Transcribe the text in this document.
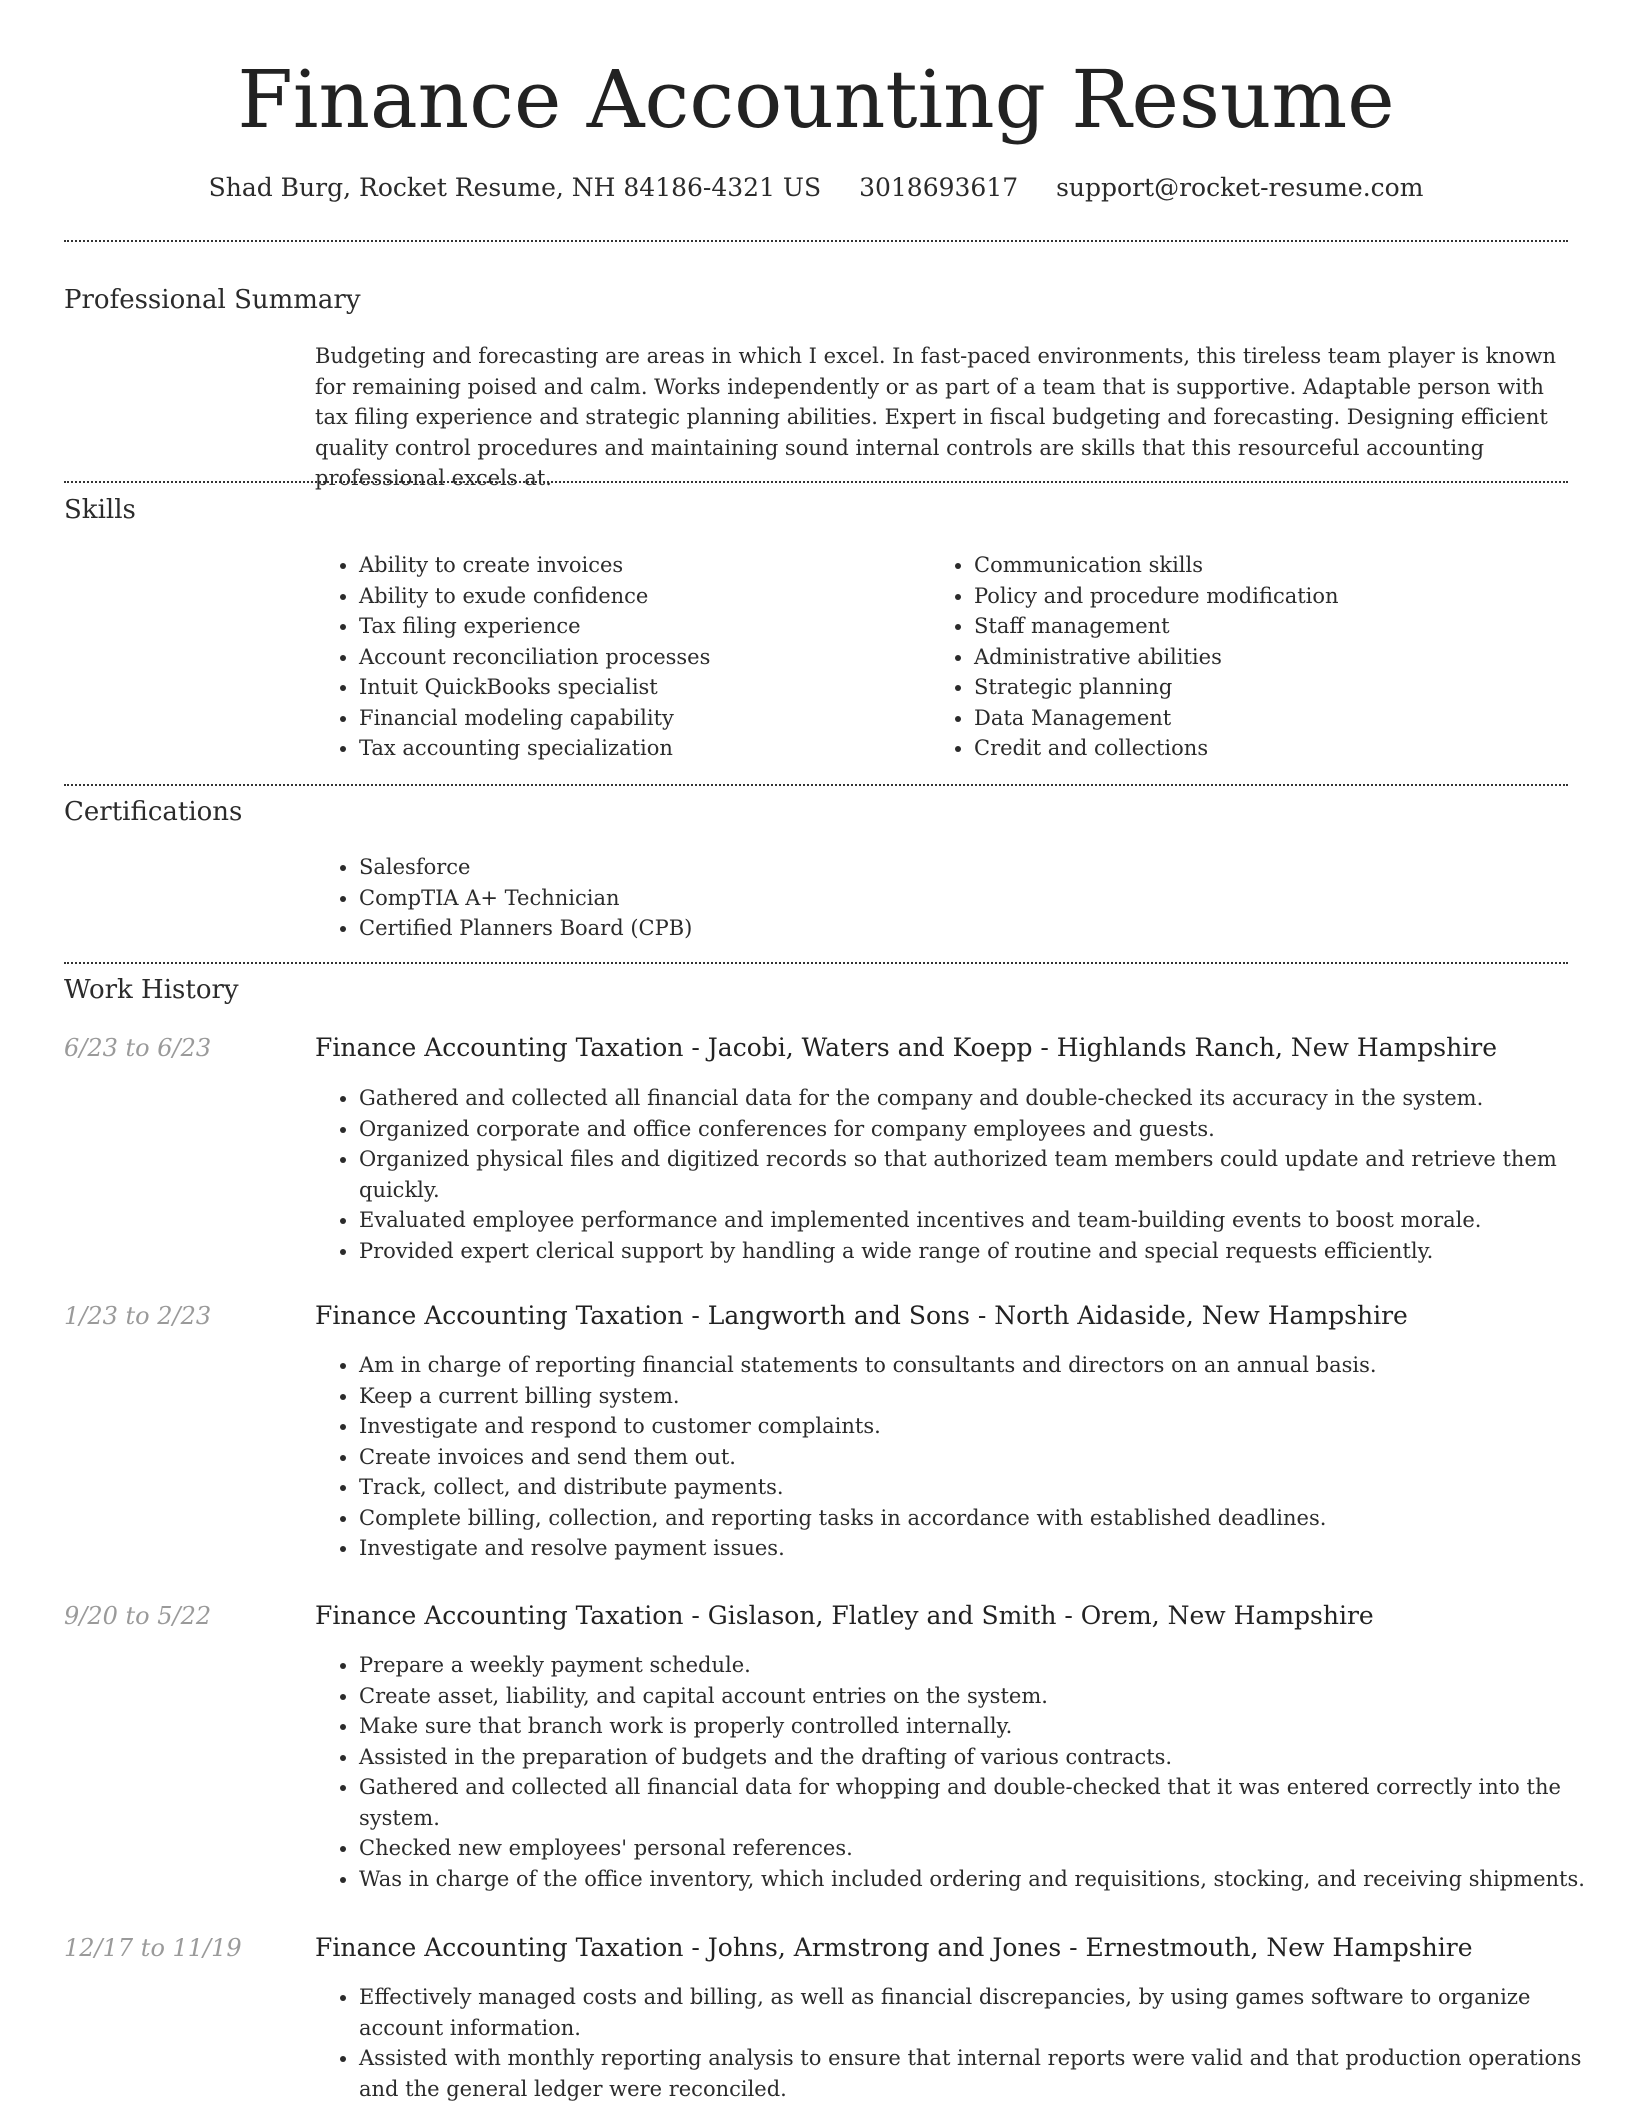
Finance Accounting Resume
Shad Burg, Rocket Resume, NH 84186-4321 US 3018693617 support@rocket-resume.com
Professional Summary
Budgeting and forecasting are areas in which I excel. In fast-paced environments, this tireless team player is known for remaining poised and calm. Works independently or as part of a team that is supportive. Adaptable person with tax filing experience and strategic planning abilities. Expert in fiscal budgeting and forecasting. Designing efficient quality control procedures and maintaining sound internal controls are skills that this resourceful accounting professional excels at.
Skills
• Ability to create invoices
• Ability to exude confidence
• Tax filing experience
• Account reconciliation processes
• Intuit QuickBooks specialist
• Financial modeling capability
• Tax accounting specialization
• Communication skills
• Policy and procedure modification
• Staff management
• Administrative abilities
• Strategic planning
• Data Management
• Credit and collections
Certifications
• Salesforce
• CompTIA A+ Technician
• Certified Planners Board (CPB)
Work History
6/23 to 6/23	Finance Accounting Taxation - Jacobi, Waters and Koepp - Highlands Ranch, New Hampshire
• Gathered and collected all financial data for the company and double-checked its accuracy in the system.
• Organized corporate and office conferences for company employees and guests.
• Organized physical files and digitized records so that authorized team members could update and retrieve them quickly.
• Evaluated employee performance and implemented incentives and team-building events to boost morale.
• Provided expert clerical support by handling a wide range of routine and special requests efficiently.
1/23 to 2/23	Finance Accounting Taxation - Langworth and Sons - North Aidaside, New Hampshire
• Am in charge of reporting financial statements to consultants and directors on an annual basis.
• Keep a current billing system.
• Investigate and respond to customer complaints.
• Create invoices and send them out.
• Track, collect, and distribute payments.
• Complete billing, collection, and reporting tasks in accordance with established deadlines.
• Investigate and resolve payment issues.
9/20 to 5/22	Finance Accounting Taxation - Gislason, Flatley and Smith - Orem, New Hampshire
• Prepare a weekly payment schedule.
• Create asset, liability, and capital account entries on the system.
• Make sure that branch work is properly controlled internally.
• Assisted in the preparation of budgets and the drafting of various contracts.
• Gathered and collected all financial data for whopping and double-checked that it was entered correctly into the system.
• Checked new employees' personal references.
• Was in charge of the office inventory, which included ordering and requisitions, stocking, and receiving shipments.
12/17 to 11/19	Finance Accounting Taxation - Johns, Armstrong and Jones - Ernestmouth, New Hampshire
• Effectively managed costs and billing, as well as financial discrepancies, by using games software to organize account information.
• Assisted with monthly reporting analysis to ensure that internal reports were valid and that production operations and the general ledger were reconciled.
